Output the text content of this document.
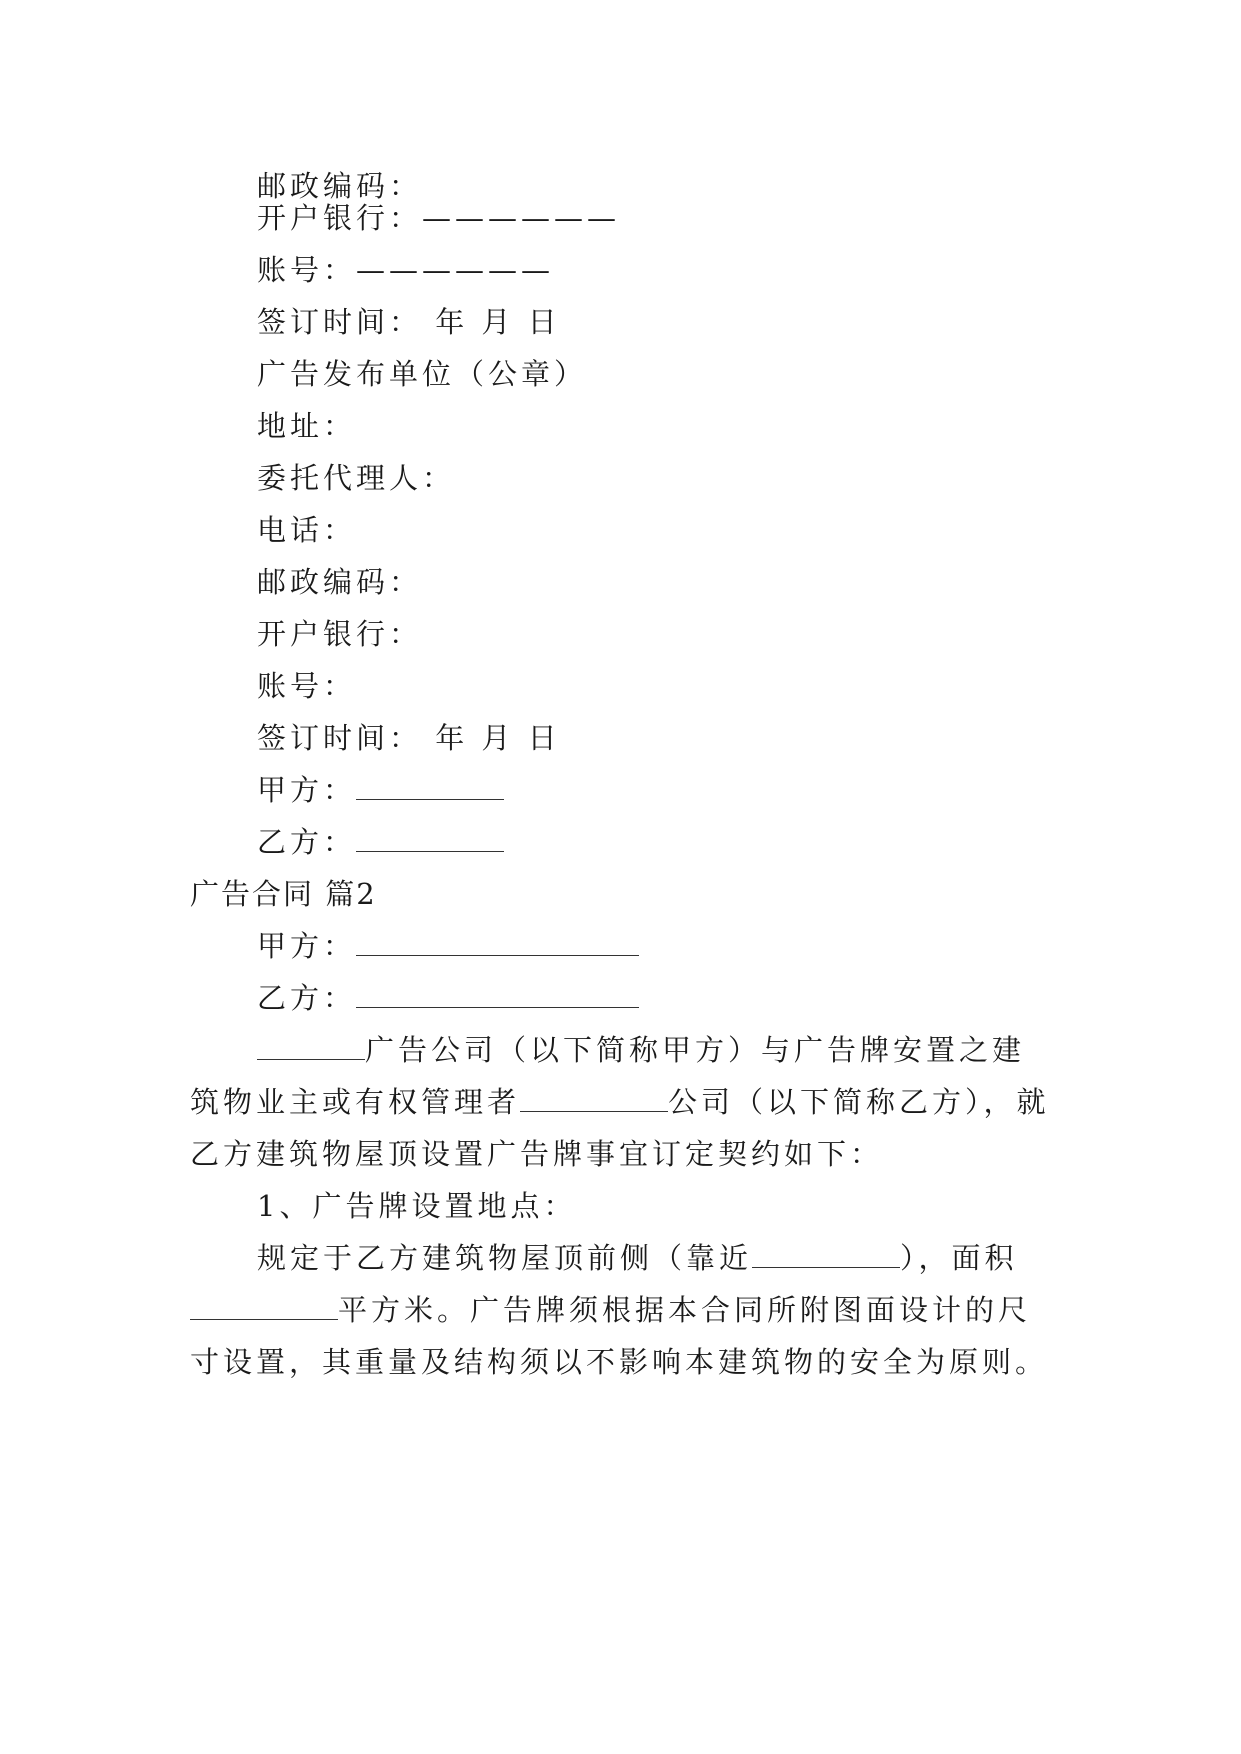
邮政编码：
开户银行：——————
账号：——————
签订时间： 年 月 日
广告发布单位（公章）
地址：
委托代理人：
电话：
邮政编码：
开户银行：
账号：
签订时间： 年 月 日
甲方：
乙方：
广告合同 篇2
甲方：
乙方：
广告公司（以下简称甲方）与广告牌安置之建
筑物业主或有权管理者	公司（以下简称乙方），就
乙方建筑物屋顶设置广告牌事宜订定契约如下：
1、广告牌设置地点：
规定于乙方建筑物屋顶前侧（靠近	），面积
平方米。广告牌须根据本合同所附图面设计的尺
寸设置，其重量及结构须以不影响本建筑物的安全为原则。
